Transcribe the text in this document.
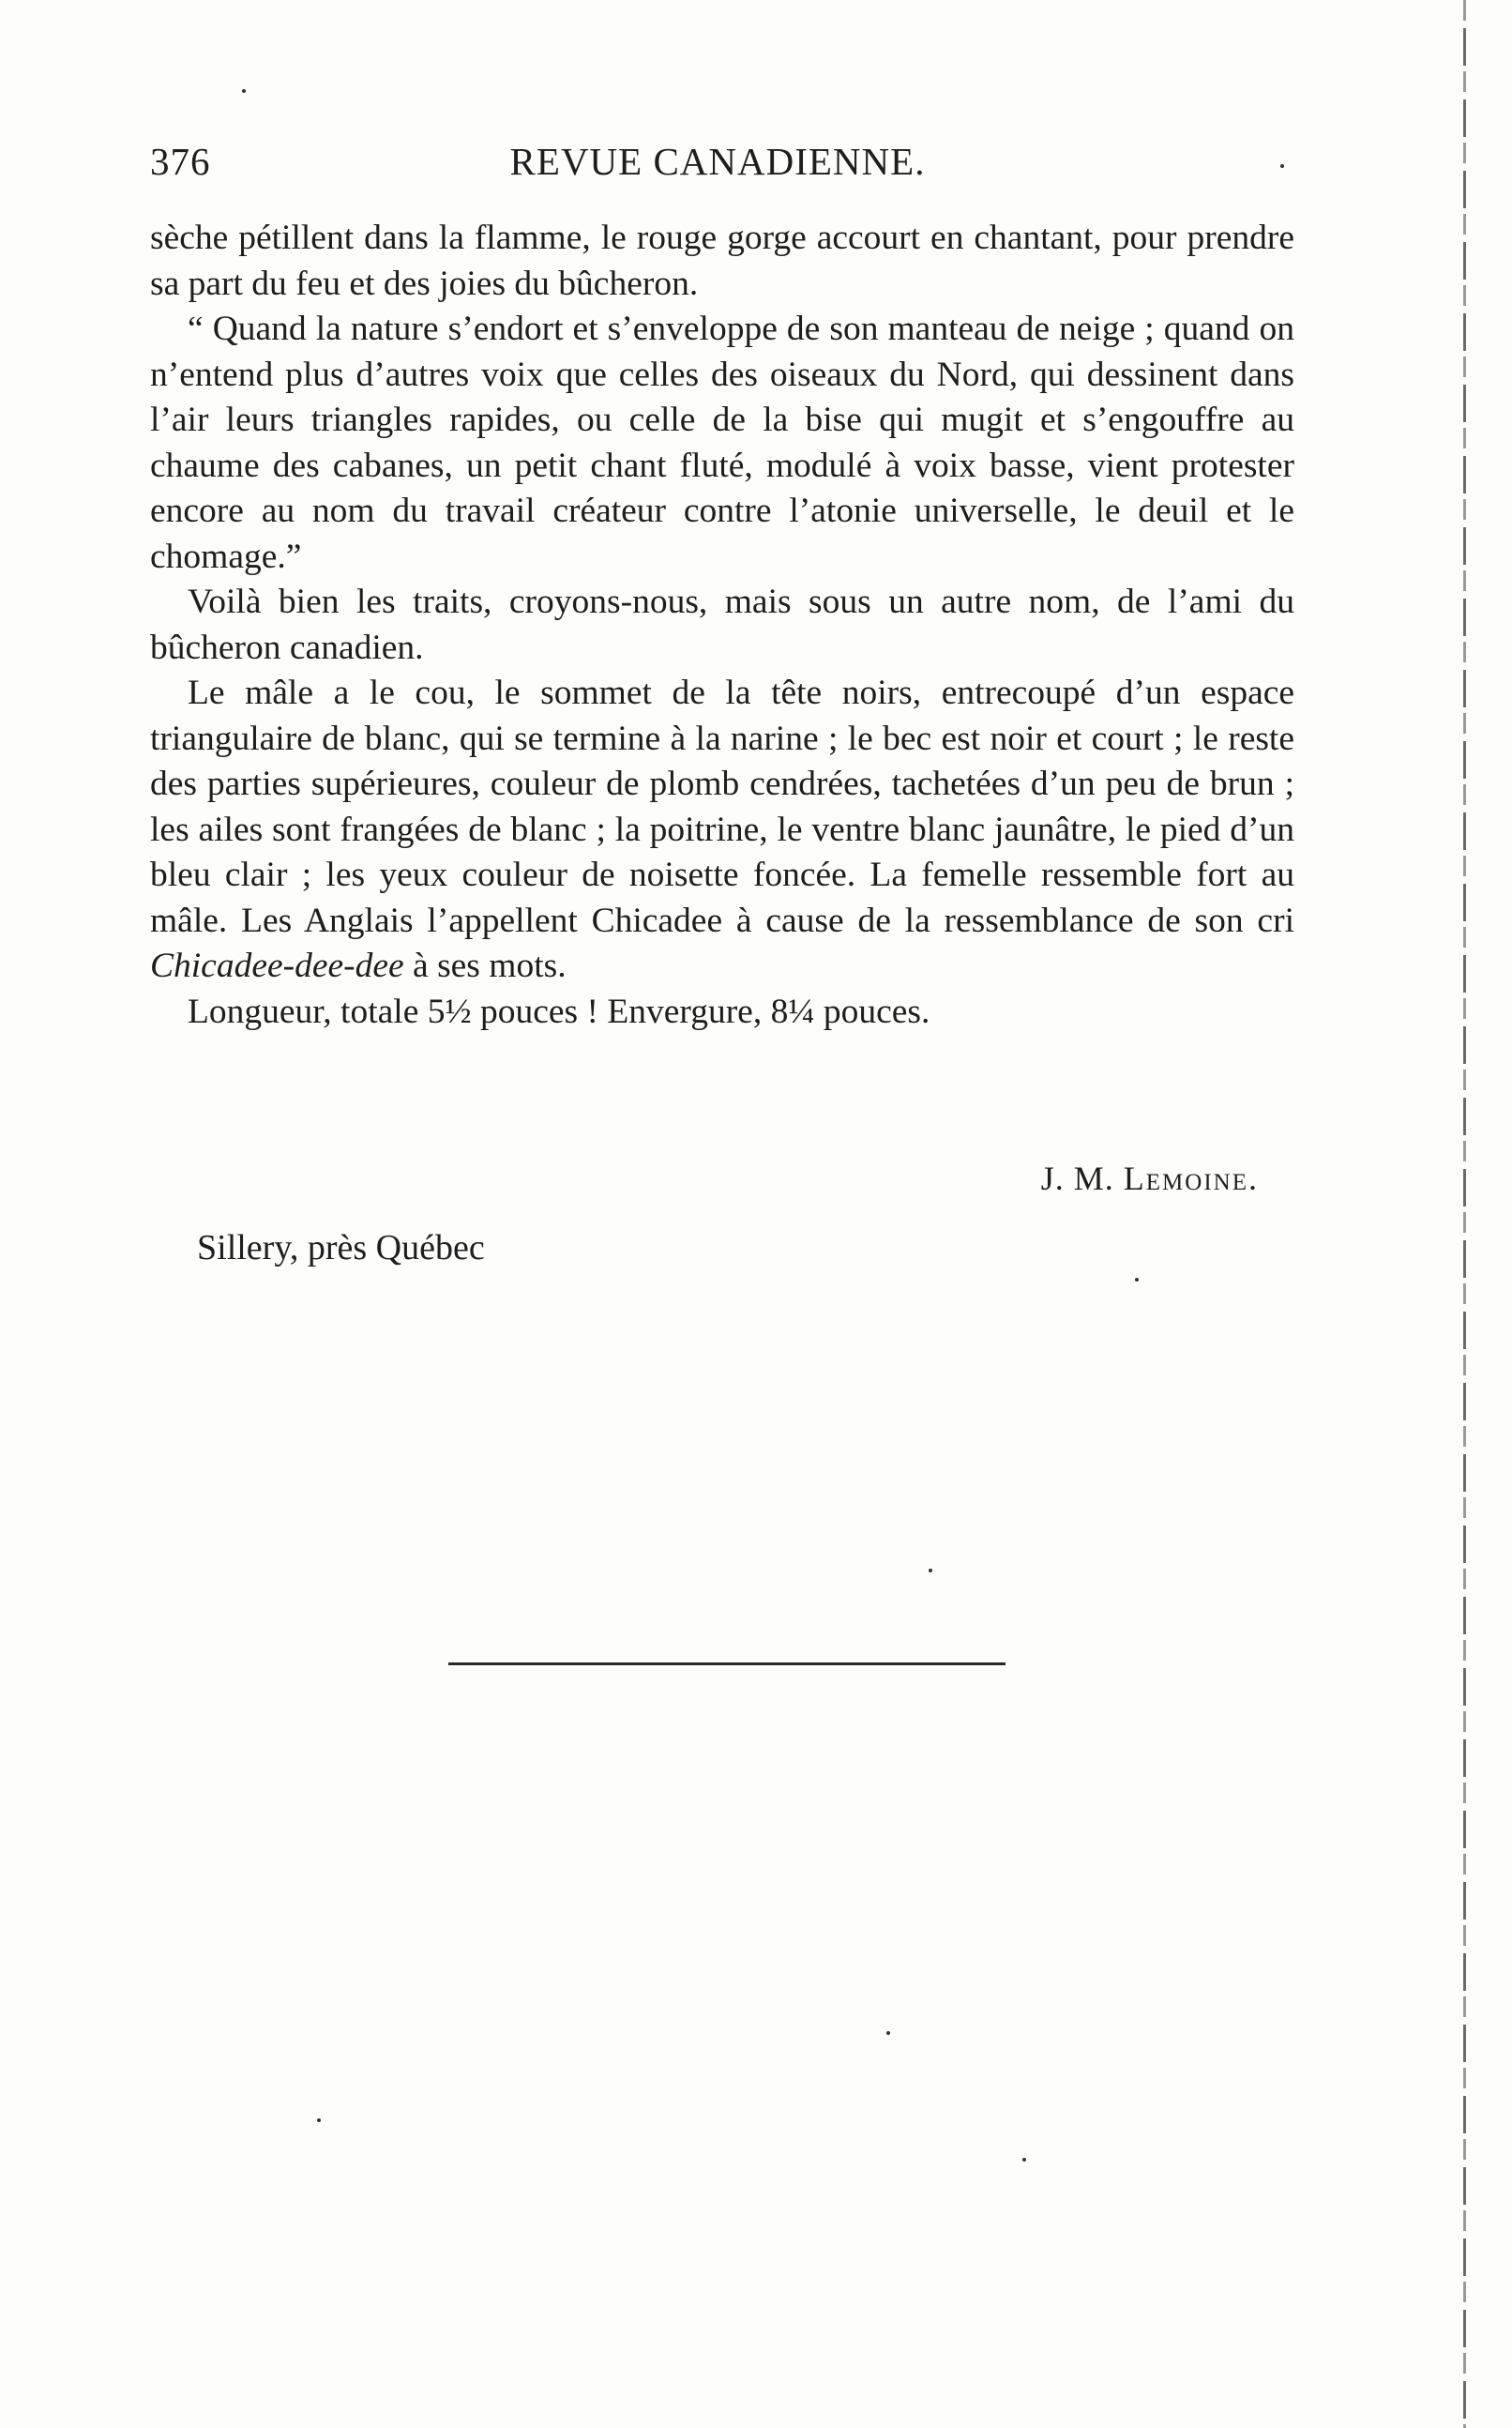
376	REVUE CANADIENNE.

sèche pétillent dans la flamme, le rouge gorge accourt en chantant, pour prendre sa part du feu et des joies du bûcheron.

“ Quand la nature s’endort et s’enveloppe de son manteau de neige ; quand on n’entend plus d’autres voix que celles des oiseaux du Nord, qui dessinent dans l’air leurs triangles rapides, ou celle de la bise qui mugit et s’engouffre au chaume des cabanes, un petit chant fluté, modulé à voix basse, vient protester encore au nom du travail créateur contre l’atonie universelle, le deuil et le chomage.”

Voilà bien les traits, croyons-nous, mais sous un autre nom, de l’ami du bûcheron canadien.

Le mâle a le cou, le sommet de la tête noirs, entrecoupé d’un espace triangulaire de blanc, qui se termine à la narine ; le bec est noir et court ; le reste des parties supérieures, couleur de plomb cendrées, tachetées d’un peu de brun ; les ailes sont frangées de blanc ; la poitrine, le ventre blanc jaunâtre, le pied d’un bleu clair ; les yeux couleur de noisette foncée. La femelle ressemble fort au mâle. Les Anglais l’appellent Chicadee à cause de la ressemblance de son cri Chicadee-dee-dee à ses mots.

Longueur, totale 5½ pouces ! Envergure, 8¼ pouces.

J. M. Lemoine.
Sillery, près Québec
